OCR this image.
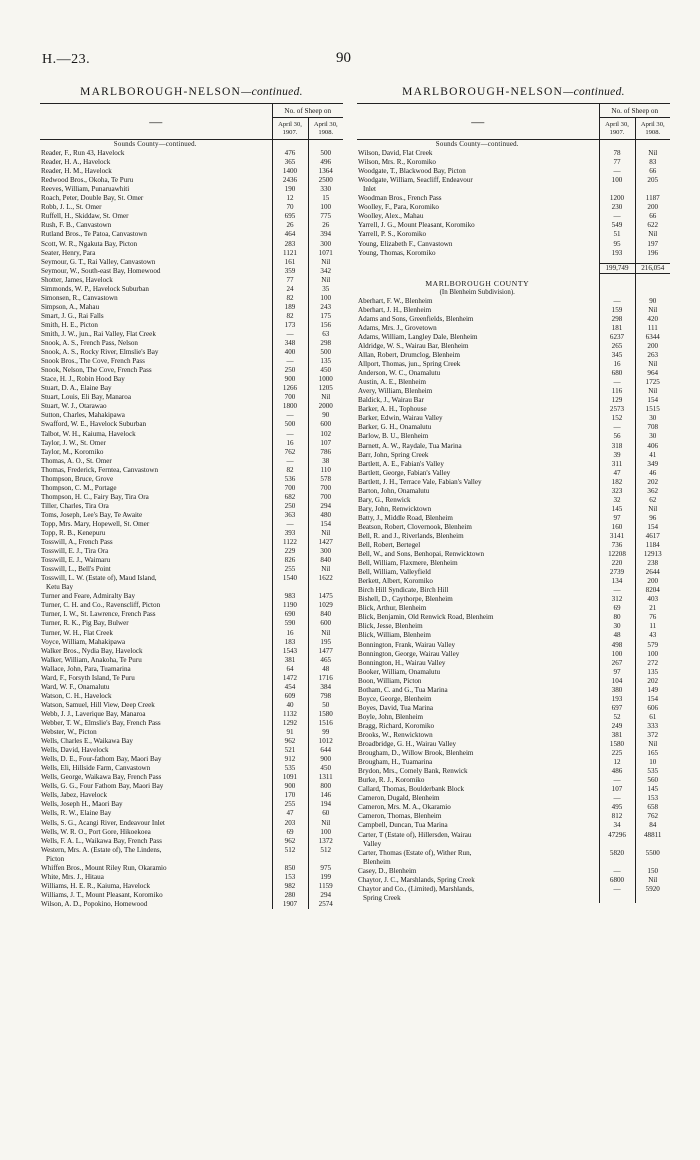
H.—23.	90
MARLBOROUGH-NELSON—continued.
—	No. of Sheep on	
	April 30, 1907.	April 30, 1908.
Sounds County—continued.		
Reader, F., Run 43, Havelock	476	500
Reader, H. A., Havelock	365	496
Reader, H. M., Havelock	1400	1364
Redwood Bros., Okoha, Te Puru	2436	2500
Reeves, William, Punaruawhiti	190	330
Roach, Peter, Double Bay, St. Omer	12	15
Robb, J. L., St. Omer	70	100
Ruffell, H., Skiddaw, St. Omer	695	775
Rush, F. B., Canvastown	26	26
Rutland Bros., Te Patoa, Canvastown	464	394
Scott, W. R., Ngakuta Bay, Picton	283	300
Seater, Henry, Para	1121	1071
Seymour, G. T., Rai Valley, Canvastown	161	Nil
Seymour, W., South-east Bay, Homewood	359	342
Shotter, James, Havelock	77	Nil
Simmonds, W. P., Havelock Suburban	24	35
Simonsen, R., Canvastown	82	100
Simpson, A., Mahau	189	243
Smart, J. G., Rai Falls	82	175
Smith, H. E., Picton	173	156
Smith, J. W., jun., Rai Valley, Flat Creek	—	63
Snook, A. S., French Pass, Nelson	348	298
Snook, A. S., Rocky River, Elmslie's Bay	400	500
Snook Bros., The Cove, French Pass	—	135
Snook, Nelson, The Cove, French Pass	250	450
Stace, H. J., Robin Hood Bay	900	1000
Stuart, D. A., Elaine Bay	1266	1205
Stuart, Louis, Eli Bay, Manaroa	700	Nil
Stuart, W. J., Otarawao	1800	2000
Sutton, Charles, Mahakipawa	—	90
Swafford, W. E., Havelock Suburban	500	600
Talbot, W. H., Kaiuma, Havelock	—	102
Taylor, J. W., St. Omer	16	107
Taylor, M., Koromiko	762	786
Thomas, A. O., St. Omer	—	38
Thomas, Frederick, Ferntea, Canvastown	82	110
Thompson, Bruce, Grove	536	578
Thompson, C. M., Portage	700	700
Thompson, H. C., Fairy Bay, Tira Ora	682	700
Tiller, Charles, Tira Ora	250	294
Toms, Joseph, Lee's Bay, Te Awaite	363	480
Topp, Mrs. Mary, Hopewell, St. Omer	—	154
Topp, R. B., Kenepuru	393	Nil
Tosswill, A., French Pass	1122	1427
Tosswill, E. J., Tira Ora	229	300
Tosswill, E. J., Waimaru	826	840
Tosswill, L., Bell's Point	255	Nil
Tosswill, L. W. (Estate of), Maud Island,	1540	1622
Ketu Bay		
Turner and Feare, Admiralty Bay	983	1475
Turner, C. H. and Co., Ravenscliff, Picton	1190	1029
Turner, I. W., St. Lawrence, French Pass	690	840
Turner, R. K., Pig Bay, Bulwer	590	600
Turner, W. H., Flat Creek	16	Nil
Voyce, William, Mahakipawa	183	195
Walker Bros., Nydia Bay, Havelock	1543	1477
Walker, William, Anakoha, Te Puru	381	465
Wallace, John, Para, Tuamarina	64	48
Ward, F., Forsyth Island, Te Puru	1472	1716
Ward, W. F., Onamalutu	454	384
Watson, C. H., Havelock	609	798
Watson, Samuel, Hill View, Deep Creek	40	50
Webb, J. J., Laverique Bay, Manaroa	1132	1580
Webber, T. W., Elmslie's Bay, French Pass	1292	1516
Webster, W., Picton	91	99
Wells, Charles E., Waikawa Bay	962	1012
Wells, David, Havelock	521	644
Wells, D. E., Four-fathom Bay, Maori Bay	912	900
Wells, Eli, Hillside Farm, Canvastown	535	450
Wells, George, Waikawa Bay, French Pass	1091	1311
Wells, G. G., Four Fathom Bay, Maori Bay	900	800
Wells, Jabez, Havelock	170	146
Wells, Joseph H., Maori Bay	255	194
Wells, R. W., Elaine Bay	47	60
Wells, S. G., Acangi River, Endeavour Inlet	203	Nil
Wells, W. R. O., Port Gore, Hikoekoea	69	100
Wells, F. A. L., Waikawa Bay, French Pass	962	1372
Western, Mrs. A. (Estate of), The Lindens,	512	512
Picton		
Whiffen Bros., Mount Riley Run, Okaramio	850	975
White, Mrs. J., Hitaua	153	199
Williams, H. E. R., Kaiuma, Havelock	982	1159
Williams, J. T., Mount Pleasant, Koromiko	280	294
Wilson, A. D., Popokino, Homewood	1907	2574
MARLBOROUGH-NELSON—continued.
—	No. of Sheep on	
	April 30, 1907.	April 30, 1908.
Sounds County—continued.		
Wilson, David, Flat Creek	78	Nil
Wilson, Mrs. R., Koromiko	77	83
Woodgate, T., Blackwood Bay, Picton	—	66
Woodgate, William, Seacliff, Endeavour	100	205
Inlet		
Woodman Bros., French Pass	1200	1187
Woolley, F., Para, Koromiko	230	200
Woolley, Alex., Mahau	—	66
Yarrell, J. G., Mount Pleasant, Koromiko	549	622
Yarrell, P. S., Koromiko	51	Nil
Young, Elizabeth F., Canvastown	95	197
Young, Thomas, Koromiko	193	196

	199,749	216,054

MARLBOROUGH COUNTY		
(In Blenheim Subdivision).		
Aberhart, F. W., Blenheim	—	90
Aberhart, J. H., Blenheim	159	Nil
Adams and Sons, Greenfields, Blenheim	298	420
Adams, Mrs. J., Grovetown	181	111
Adams, William, Langley Dale, Blenheim	6237	6344
Aldridge, W. S., Wairau Bar, Blenheim	265	200
Allan, Robert, Drumclog, Blenheim	345	263
Allport, Thomas, jun., Spring Creek	16	Nil
Anderson, W. C., Onamalutu	680	964
Austin, A. E., Blenheim	—	1725
Avery, William, Blenheim	116	Nil
Baldick, J., Wairau Bar	129	154
Barker, A. H., Tophouse	2573	1515
Barker, Edwin, Wairau Valley	152	30
Barker, G. H., Onamalutu	—	708
Barlow, B. U., Blenheim	56	30
Barnett, A. W., Raydale, Tua Marina	318	406
Barr, John, Spring Creek	39	41
Bartlett, A. E., Fabian's Valley	311	349
Bartlett, George, Fabian's Valley	47	46
Bartlett, J. H., Terrace Vale, Fabian's Valley	182	202
Barton, John, Onamalutu	323	362
Bary, G., Renwick	32	62
Bary, John, Renwicktown	145	Nil
Batty, J., Middle Road, Blenheim	97	96
Beatson, Robert, Clovernook, Blenheim	160	154
Bell, R. and J., Riverlands, Blenheim	3141	4617
Bell, Robert, Bertegel	736	1184
Bell, W., and Sons, Benhopai, Renwicktown	12208	12913
Bell, William, Flaxmere, Blenheim	220	238
Bell, William, Valleyfield	2739	2644
Berkett, Albert, Koromiko	134	200
Birch Hill Syndicate, Birch Hill	—	8204
Bishell, D., Caythorpe, Blenheim	312	403
Blick, Arthur, Blenheim	69	21
Blick, Benjamin, Old Renwick Road, Blenheim	80	76
Blick, Jesse, Blenheim	30	11
Blick, William, Blenheim	48	43
Bonnington, Frank, Wairau Valley	498	579
Bonnington, George, Wairau Valley	100	100
Bonnington, H., Wairau Valley	267	272
Booker, William, Onamalutu	97	135
Boon, William, Picton	104	202
Botham, C. and G., Tua Marina	380	149
Boyce, George, Blenheim	193	154
Boyes, David, Tua Marina	697	606
Boyle, John, Blenheim	52	61
Bragg, Richard, Koromiko	249	333
Brooks, W., Renwicktown	381	372
Broadbridge, G. H., Wairau Valley	1580	Nil
Brougham, D., Willow Brook, Blenheim	225	165
Brougham, H., Tuamarina	12	10
Brydon, Mrs., Comely Bank, Renwick	486	535
Burke, R. J., Koromiko	—	560
Callard, Thomas, Boulderbank Block	107	145
Cameron, Dugald, Blenheim	—	153
Cameron, Mrs. M. A., Okaramio	495	658
Cameron, Thomas, Blenheim	812	762
Campbell, Duncan, Tua Marina	34	84
Carter, T (Estate of), Hillersden, Wairau	47296	48811
Valley		
Carter, Thomas (Estate of), Wither Run,	5820	5500
Blenheim		
Casey, D., Blenheim	—	150
Chaytor, J. C., Marshlands, Spring Creek	6800	Nil
Chaytor and Co., (Limited), Marshlands,	—	5920
Spring Creek		
